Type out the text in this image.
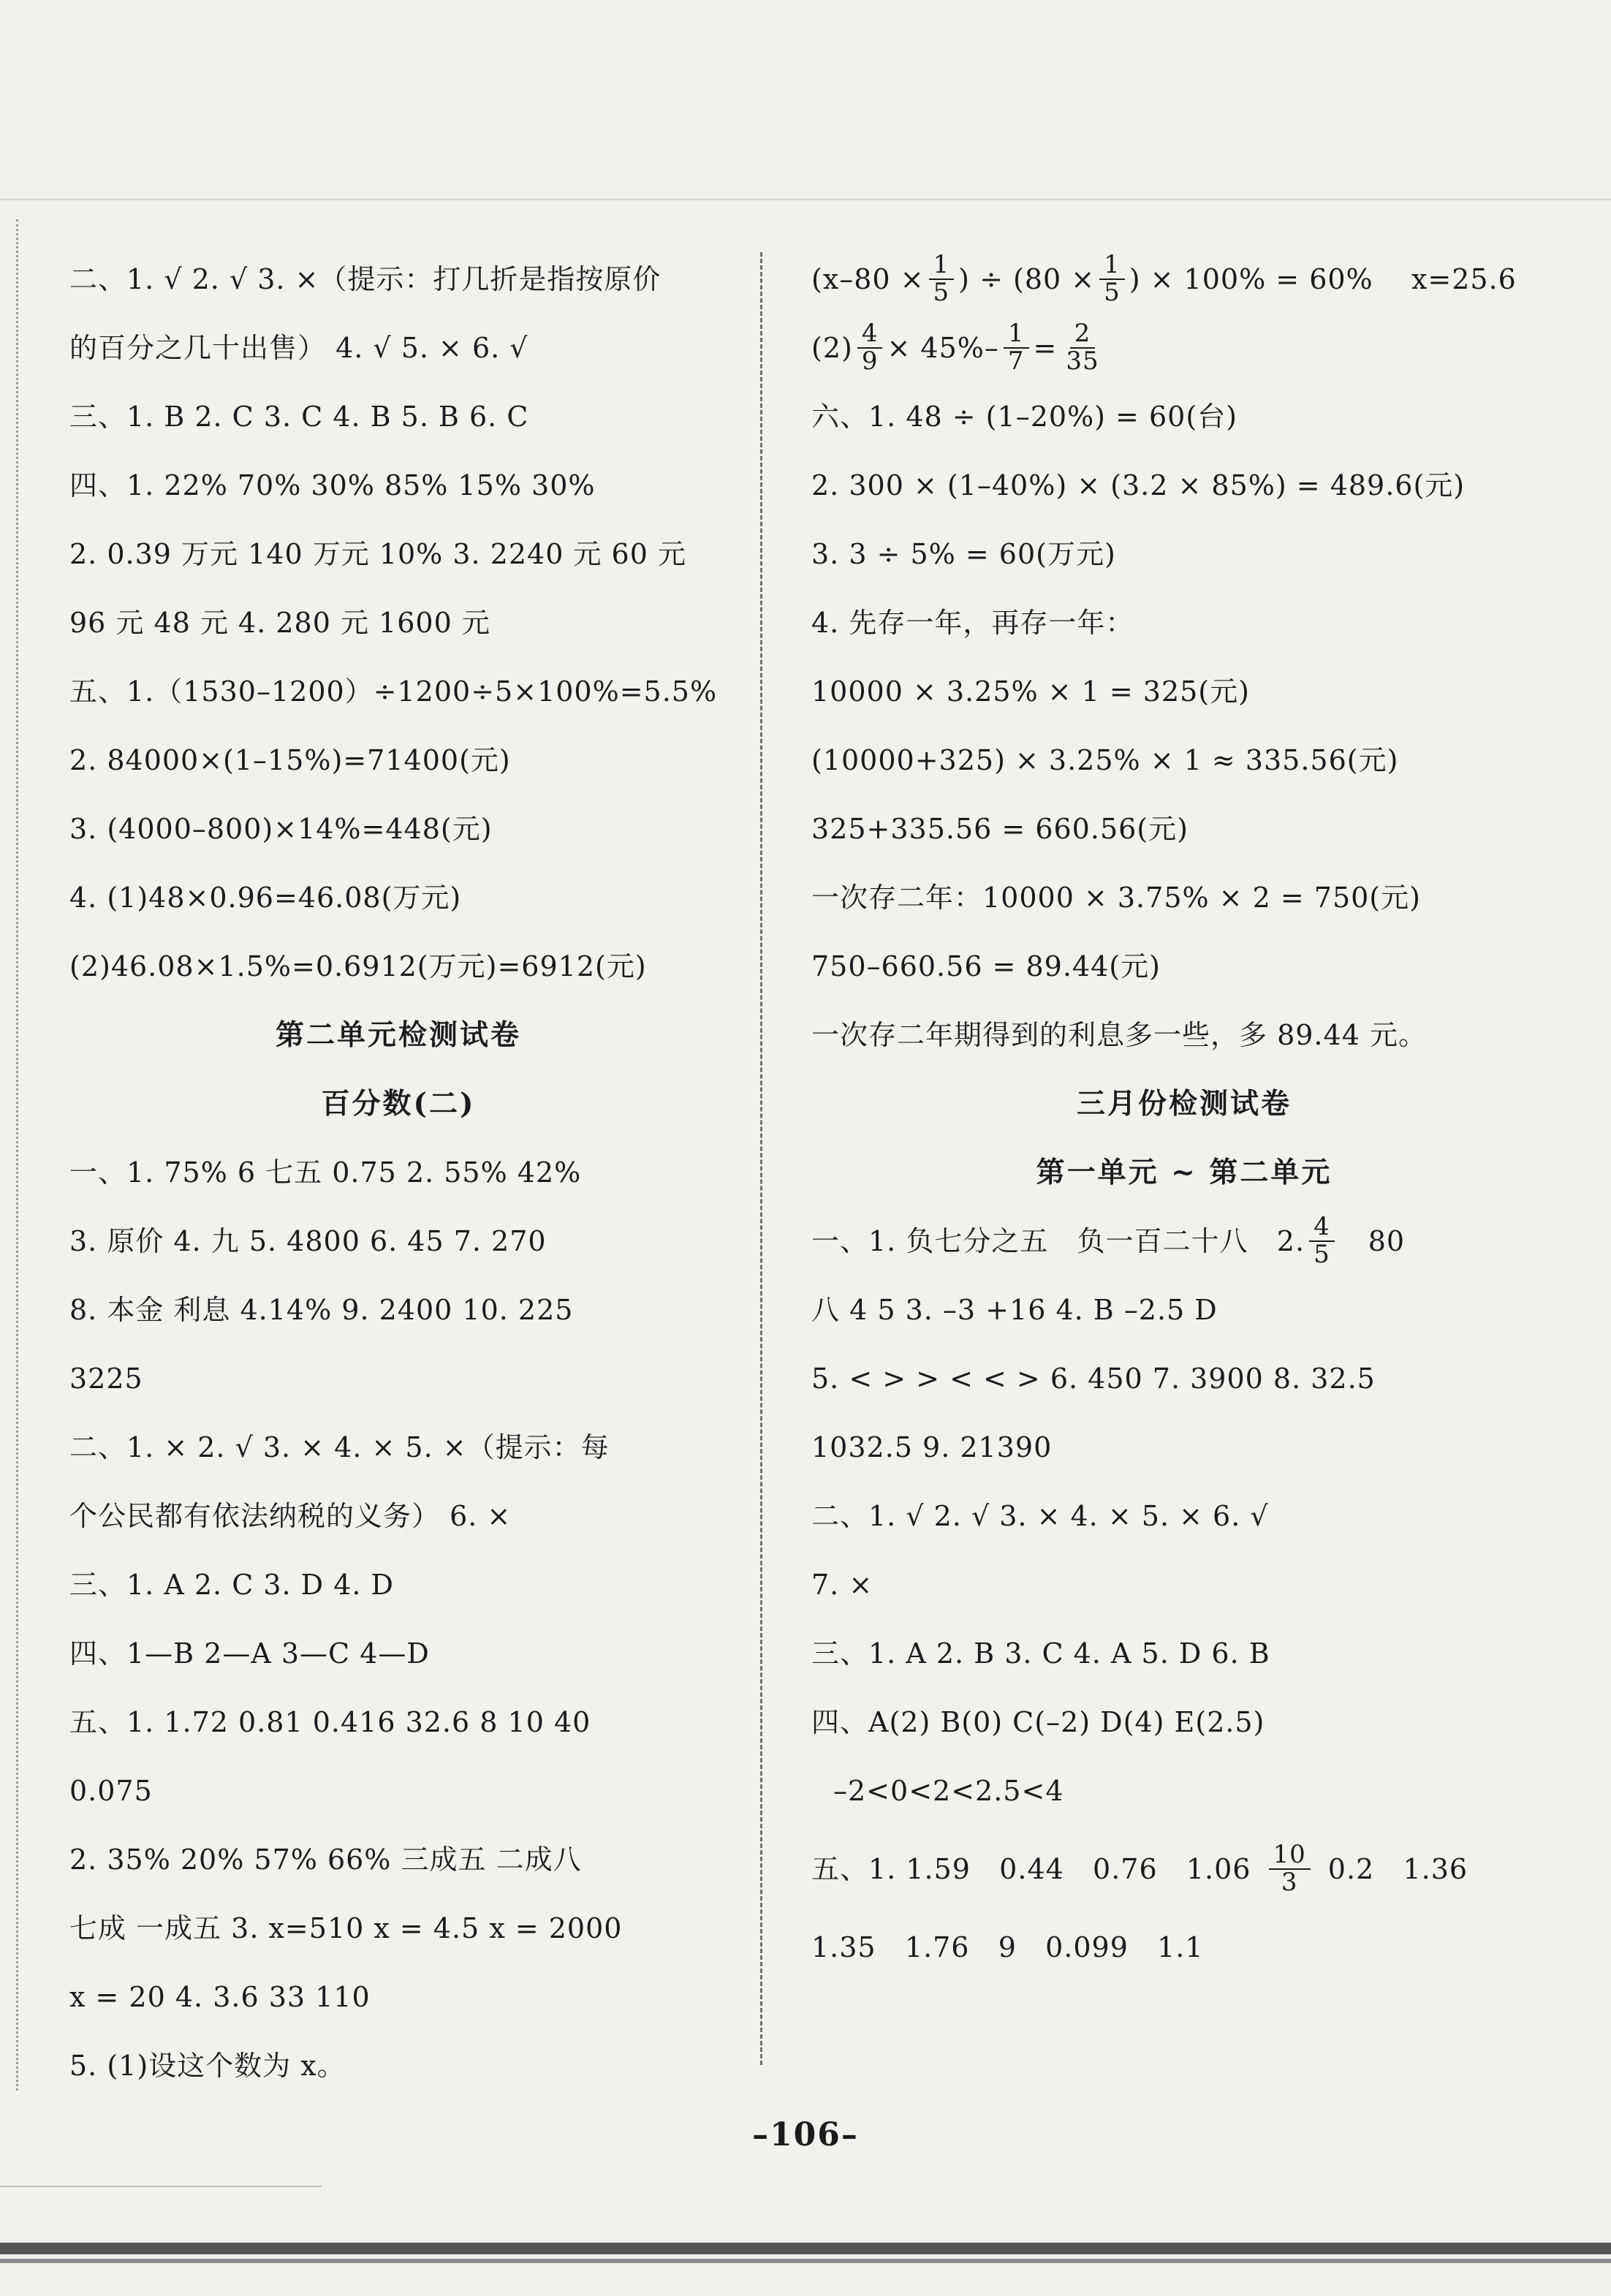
二、1. √ 2. √ 3. ×（提示：打几折是指按原价
的百分之几十出售） 4. √ 5. × 6. √
三、1. B 2. C 3. C 4. B 5. B 6. C
四、1. 22% 70% 30% 85% 15% 30%
2. 0.39 万元 140 万元 10% 3. 2240 元 60 元
96 元 48 元 4. 280 元 1600 元
五、1.（1530–1200）÷1200÷5×100%=5.5%
2. 84000×(1–15%)=71400(元)
3. (4000–800)×14%=448(元)
4. (1)48×0.96=46.08(万元)
(2)46.08×1.5%=0.6912(万元)=6912(元)
第二单元检测试卷
百分数(二)
一、1. 75% 6 七五 0.75 2. 55% 42%
3. 原价 4. 九 5. 4800 6. 45 7. 270
8. 本金 利息 4.14% 9. 2400 10. 225
3225
二、1. × 2. √ 3. × 4. × 5. ×（提示：每
个公民都有依法纳税的义务） 6. ×
三、1. A 2. C 3. D 4. D
四、1—B 2—A 3—C 4—D
五、1. 1.72 0.81 0.416 32.6 8 10 40
0.075
2. 35% 20% 57% 66% 三成五 二成八
七成 一成五 3. x=510 x = 4.5 x = 2000
x = 20 4. 3.6 33 110
5. (1)设这个数为 x。
($x-80 \times \frac{1}{5}$ ) ÷ ($80 \times \frac{1}{5}$ ) × 100% = 60%    x=25.6
$(2) \frac{4}{9} \times 45\%- \frac{1}{7} = \frac{2}{35}$
六、1. 48 ÷ (1–20%) = 60(台)
2. 300 × (1–40%) × (3.2 × 85%) = 489.6(元)
3. 3 ÷ 5% = 60(万元)
4. 先存一年，再存一年：
10000 × 3.25% × 1 = 325(元)
(10000+325) × 3.25% × 1 ≈ 335.56(元)
325+335.56 = 660.56(元)
一次存二年：10000 × 3.75% × 2 = 750(元)
750–660.56 = 89.44(元)
一次存二年期得到的利息多一些，多 89.44 元。
三月份检测试卷
第一单元 ~ 第二单元
一、1. 负七分之五   负一百二十八   2. $\frac{4}{5} 80$
八 4 5 3. –3 +16 4. B –2.5 D
5. < > > < < > 6. 450 7. 3900 8. 32.5
1032.5 9. 21390
二、1. √ 2. √ 3. × 4. × 5. × 6. √
7. ×
三、1. A 2. B 3. C 4. A 5. D 6. B
四、A(2) B(0) C(–2) D(4) E(2.5)
–2<0<2<2.5<4
五、1. 1.59   0.44   0.76   $1.06 \frac{10}{3} 0.2$   1.36
1.35   1.76   9   0.099   1.1
–106–
